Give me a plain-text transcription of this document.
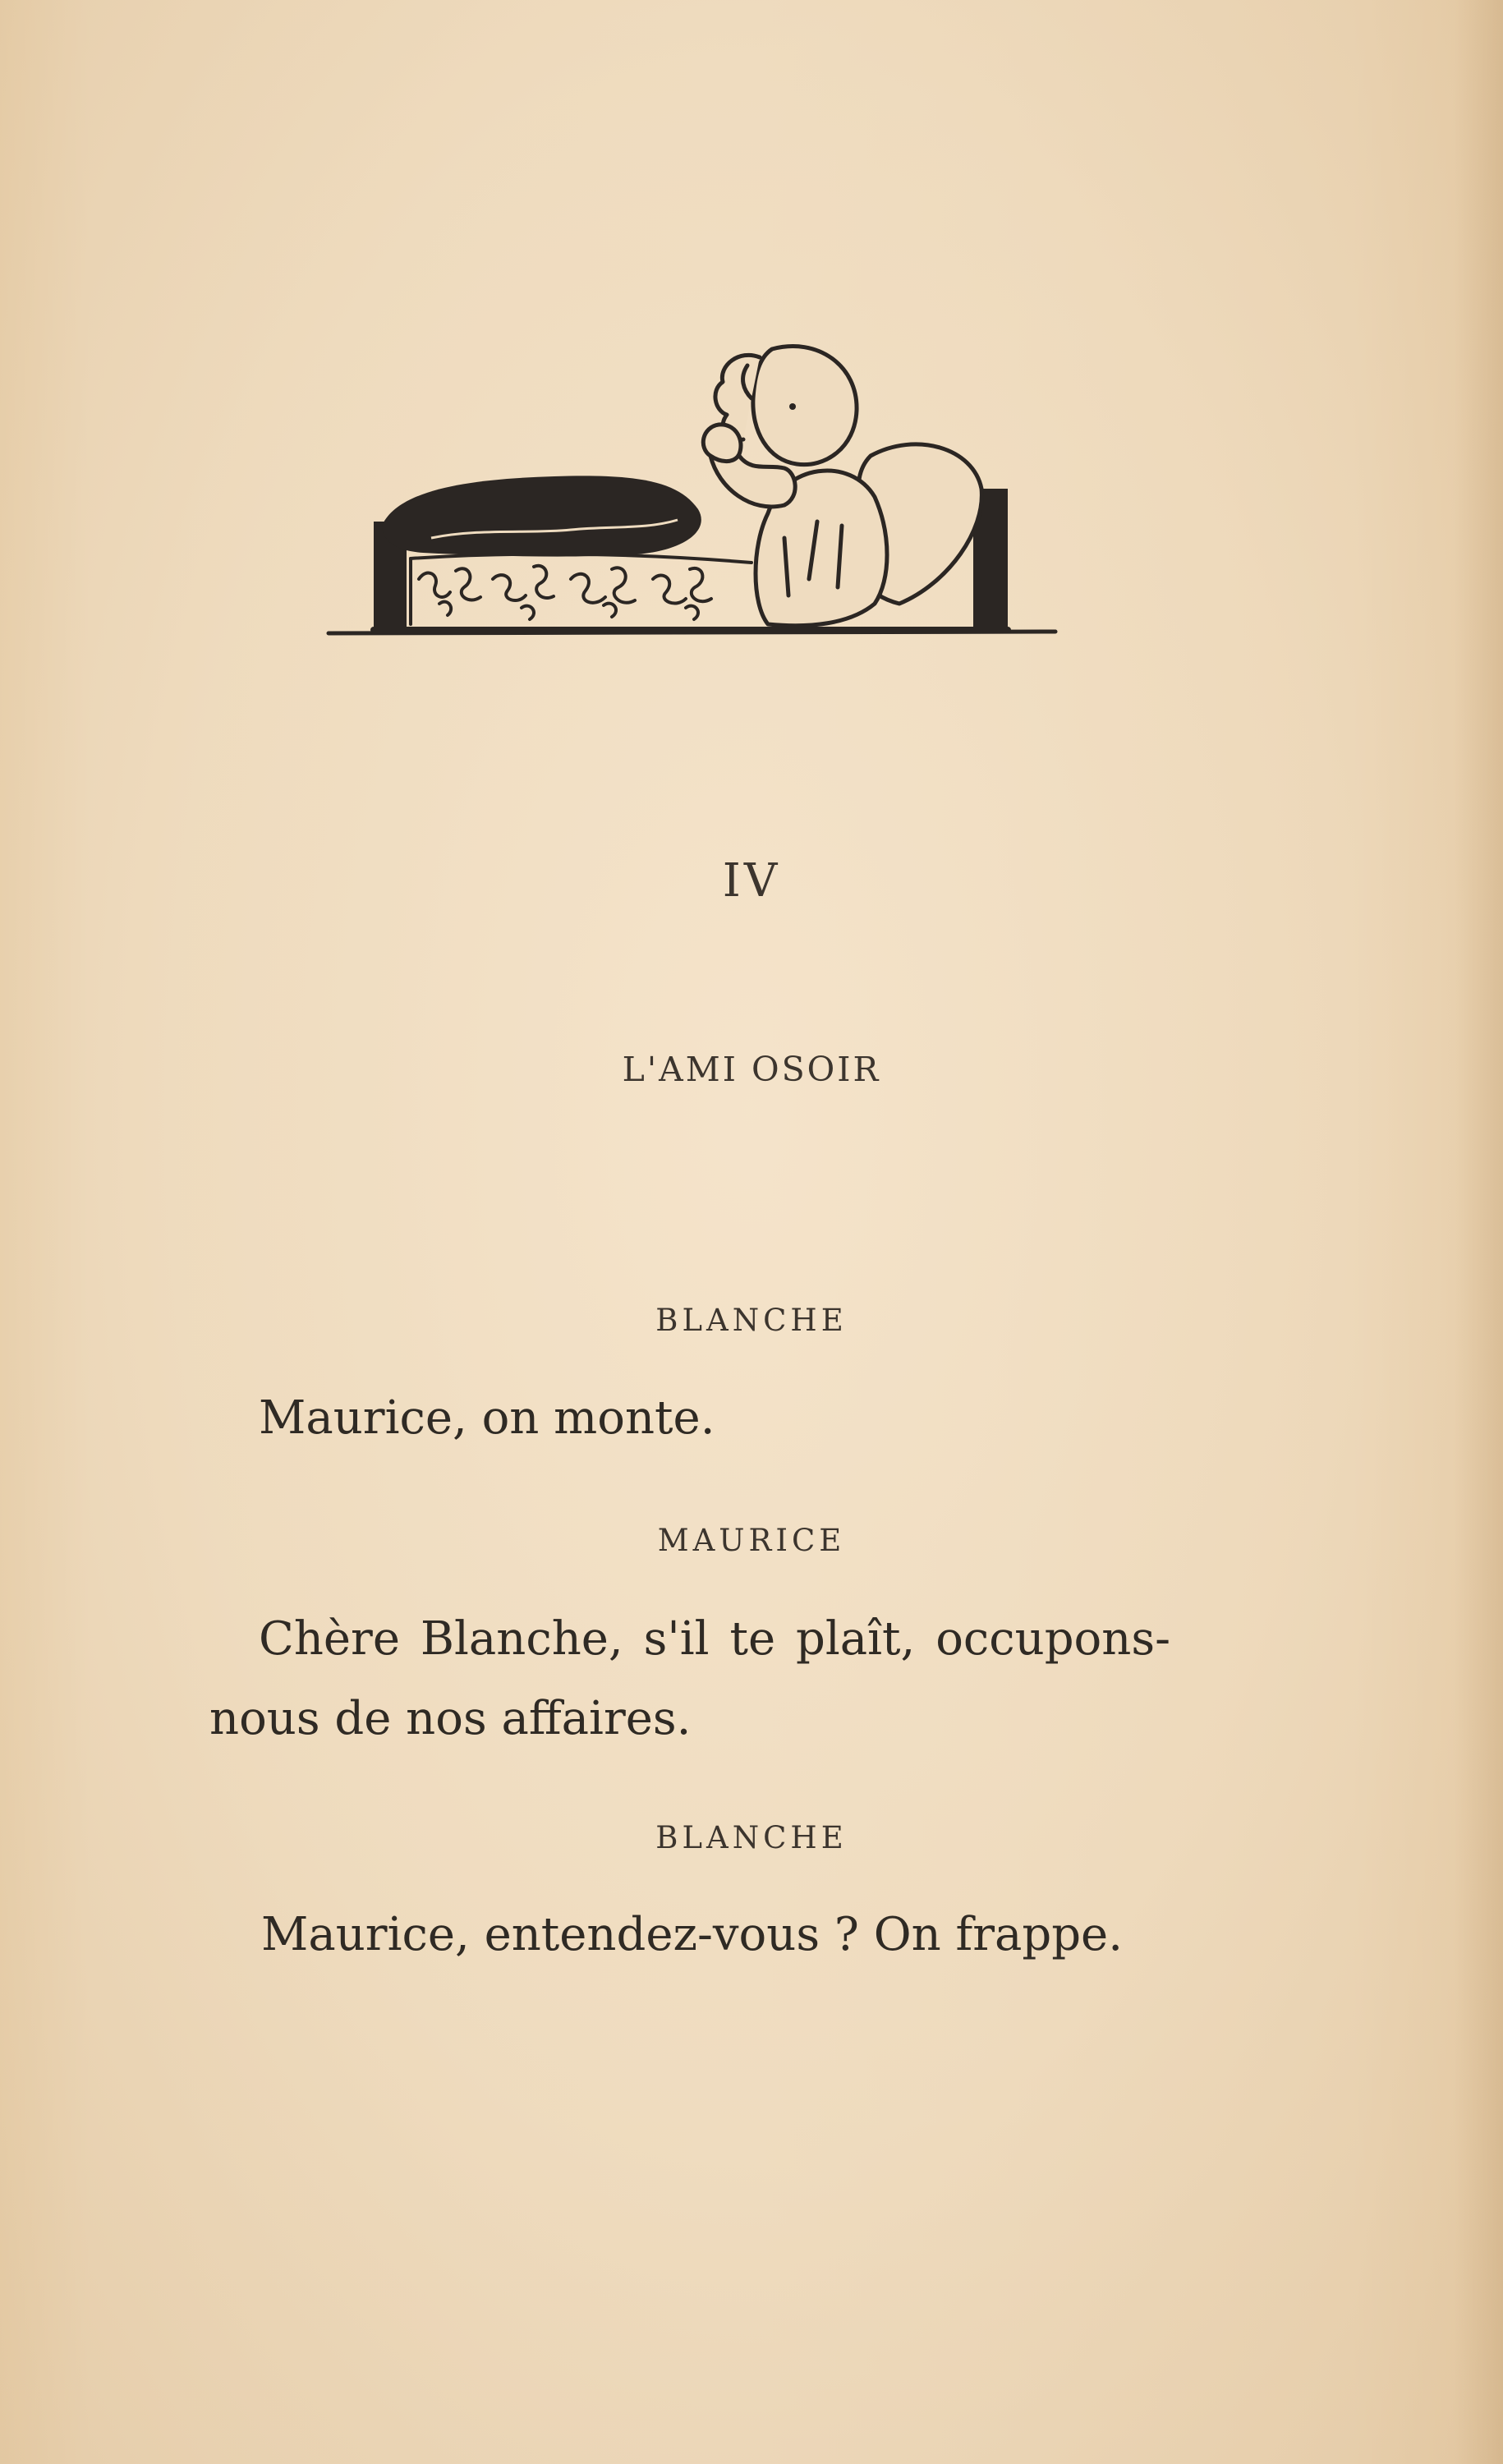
IV
L'AMI OSOIR
BLANCHE
Maurice, on monte.
MAURICE
Chère Blanche, s'il te plaît, occupons-
nous de nos affaires.
BLANCHE
Maurice, entendez-vous ? On frappe.
